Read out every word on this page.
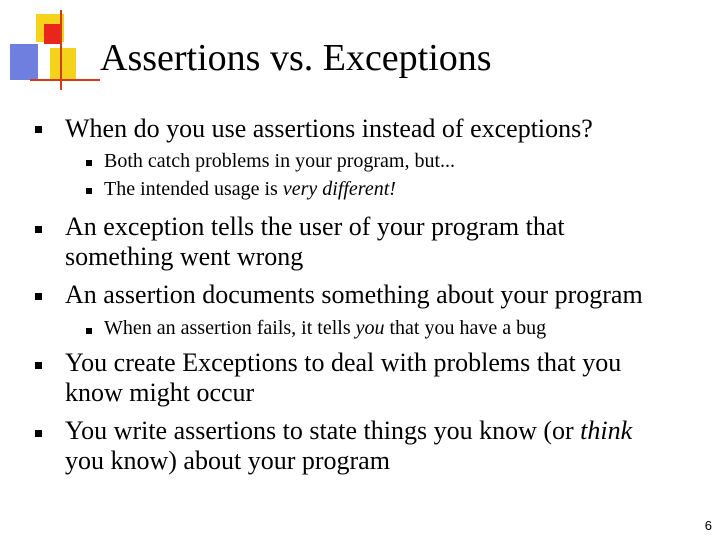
Assertions vs. Exceptions
When do you use assertions instead of exceptions?
Both catch problems in your program, but...
The intended usage is very different!
An exception tells the user of your program that
something went wrong
An assertion documents something about your program
When an assertion fails, it tells you that you have a bug
You create Exceptions to deal with problems that you
know might occur
You write assertions to state things you know (or think
you know) about your program
6
